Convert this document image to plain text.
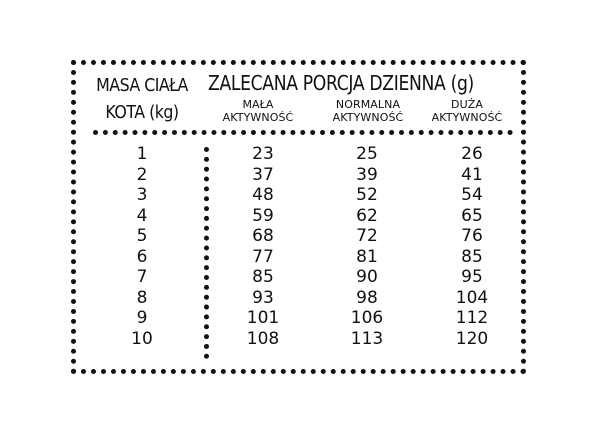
MASA CIAŁA
KOTA (kg)
ZALECANA PORCJA DZIENNA (g)
MAŁA
AKTYWNOŚĆ
NORMALNA
AKTYWNOŚĆ
DUŻA
AKTYWNOŚĆ
1
2
3
4
5
6
7
8
9
10
23
37
48
59
68
77
85
93
101
108
25
39
52
62
72
81
90
98
106
113
26
41
54
65
76
85
95
104
112
120
